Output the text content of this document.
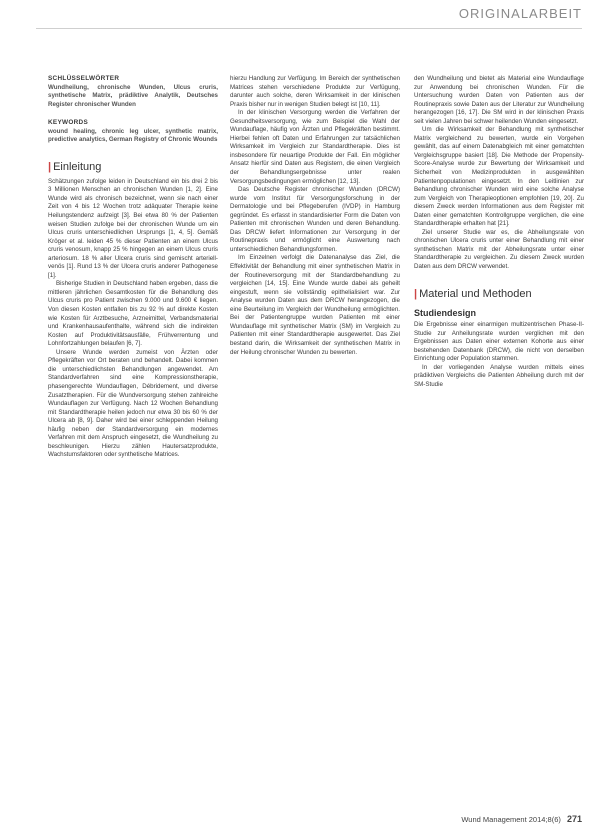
ORIGINALARBEIT

SCHLÜSSELWÖRTER

Wundheilung, chronische Wunden, Ulcus cruris, synthetische Matrix, prädiktive Analytik, Deutsches Register chronischer Wunden

KEYWORDS

wound healing, chronic leg ulcer, synthetic matrix, predictive analytics, German Registry of Chronic Wounds

| Einleitung

Schätzungen zufolge leiden in Deutschland ein bis drei 2 bis 3 Millionen Menschen an chronischen Wunden [1, 2]. Eine Wunde wird als chronisch bezeichnet, wenn sie nach einer Zeit von 4 bis 12 Wochen trotz adäquater Therapie keine Heilungstendenz aufzeigt [3]. Bei etwa 80 % der Patienten weisen Studien zufolge bei der chronischen Wunde um ein Ulcus cruris unterschiedlichen Ursprungs [1, 4, 5]. Gemäß Kröger et al. leiden 45 % dieser Patienten an einem Ulcus cruris venosum, knapp 25 % hingegen an einem Ulcus cruris arteriosum. 18 % aller Ulcera cruris sind gemischt arteriell-venös [1]. Rund 13 % der Ulcera cruris anderer Pathogenese [1].

Bisherige Studien in Deutschland haben ergeben, dass die mittleren jährlichen Gesamtkosten für die Behandlung des Ulcus cruris pro Patient zwischen 9.000 und 9.600 € liegen. Von diesen Kosten entfallen bis zu 92 % auf direkte Kosten wie Kosten für Arztbesuche, Arzneimittel, Verbandsmaterial und Krankenhausaufenthalte, während sich die indirekten Kosten auf Produktivitätsausfälle, Frühverrentung und Lohnfortzahlungen belaufen [6, 7].

Unsere Wunde werden zumeist von Ärzten oder Pflegekräften vor Ort beraten und behandelt. Dabei kommen die unterschiedlichsten Behandlungen angewendet. Am Standardverfahren sind eine Kompressionstherapie, phasengerechte Wundauflagen, Débridement, und diverse Zusatztherapien. Für die Wundversorgung stehen zahlreiche Wundauflagen zur Verfügung. Nach 12 Wochen Behandlung mit Standardtherapie heilen jedoch nur etwa 30 bis 60 % der Ulcera ab [8, 9]. Daher wird bei einer schleppenden Heilung häufig neben der Standardversorgung ein modernes Verfahren mit dem Anspruch eingesetzt, die Wundheilung zu beschleunigen. Hierzu zählen Hautersatzprodukte, Wachstumsfaktoren oder synthetische Matrices.

hierzu Handlung zur Verfügung. Im Bereich der synthetischen Matrices stehen verschiedene Produkte zur Verfügung, darunter auch solche, deren Wirksamkeit in der klinischen Praxis bisher nur in wenigen Studien belegt ist [10, 11].

In der klinischen Versorgung werden die Verfahren der Gesundheitsversorgung, wie zum Beispiel die Wahl der Wundauflage, häufig von Ärzten und Pflegekräften bestimmt. Hierbei fehlen oft Daten und Erfahrungen zur tatsächlichen Wirksamkeit im Vergleich zur Standardtherapie. Dies ist insbesondere für neuartige Produkte der Fall. Ein möglicher Ansatz hierfür sind Daten aus Registern, die einen Vergleich der Behandlungsergebnisse unter realen Versorgungsbedingungen ermöglichen [12, 13].

Das Deutsche Register chronischer Wunden (DRCW) wurde vom Institut für Versorgungsforschung in der Dermatologie und bei Pflegeberufen (IVDP) in Hamburg gegründet. Es erfasst in standardisierter Form die Daten von Patienten mit chronischen Wunden und deren Behandlung. Das DRCW liefert Informationen zur Versorgung in der Routinepraxis und ermöglicht eine Auswertung nach unterschiedlichen Behandlungsformen.

Im Einzelnen verfolgt die Datenanalyse das Ziel, die Effektivität der Behandlung mit einer synthetischen Matrix in der Routineversorgung mit der Standardbehandlung zu vergleichen [14, 15]. Eine Wunde wurde dabei als geheilt eingestuft, wenn sie vollständig epithelialisiert war. Zur Analyse wurden Daten aus dem DRCW herangezogen, die eine Beurteilung im Vergleich der Wundheilung ermöglichten. Bei der Patientengruppe wurden Patienten mit einer Wundauflage mit synthetischer Matrix (SM) im Vergleich zu Patienten mit einer Standardtherapie ausgewertet. Das Ziel bestand darin, die Wirksamkeit der synthetischen Matrix in der Heilung chronischer Wunden zu bewerten.

den Wundheilung und bietet als Material eine Wundauflage zur Anwendung bei chronischen Wunden. Für die Untersuchung wurden Daten von Patienten aus der Routinepraxis sowie Daten aus der Literatur zur Wundheilung herangezogen [16, 17]. Die SM wird in der klinischen Praxis seit vielen Jahren bei schwer heilenden Wunden eingesetzt.

Um die Wirksamkeit der Behandlung mit synthetischer Matrix vergleichend zu bewerten, wurde ein Vorgehen gewählt, das auf einem Datenabgleich mit einer gematchten Vergleichsgruppe basiert [18]. Die Methode der Propensity-Score-Analyse wurde zur Bewertung der Wirksamkeit und Sicherheit von Medizinprodukten in ausgewählten Patientenpopulationen eingesetzt. In den Leitlinien zur Behandlung chronischer Wunden wird eine solche Analyse zum Vergleich von Therapieoptionen empfohlen [19, 20]. Zu diesem Zweck werden Informationen aus dem Register mit Daten einer gematchten Kontrollgruppe verglichen, die eine Standardtherapie erhalten hat [21].

Ziel unserer Studie war es, die Abheilungsrate von chronischen Ulcera cruris unter einer Behandlung mit einer synthetischen Matrix mit der Abheilungsrate unter einer Standardtherapie zu vergleichen. Zu diesem Zweck wurden Daten aus dem DRCW verwendet.

| Material und Methoden
Studiendesign

Die Ergebnisse einer einarmigen multizentrischen Phase-II-Studie zur Anheilungsrate wurden verglichen mit den Ergebnissen aus Daten einer externen Kohorte aus einer bestehenden Datenbank (DRCW), die nicht von derselben Einrichtung oder Population stammen.

In der vorliegenden Analyse wurden mittels eines prädiktiven Vergleichs die Patienten Abheilung durch mit der SM-Studie

Wund Management 2014;8(6) 271
